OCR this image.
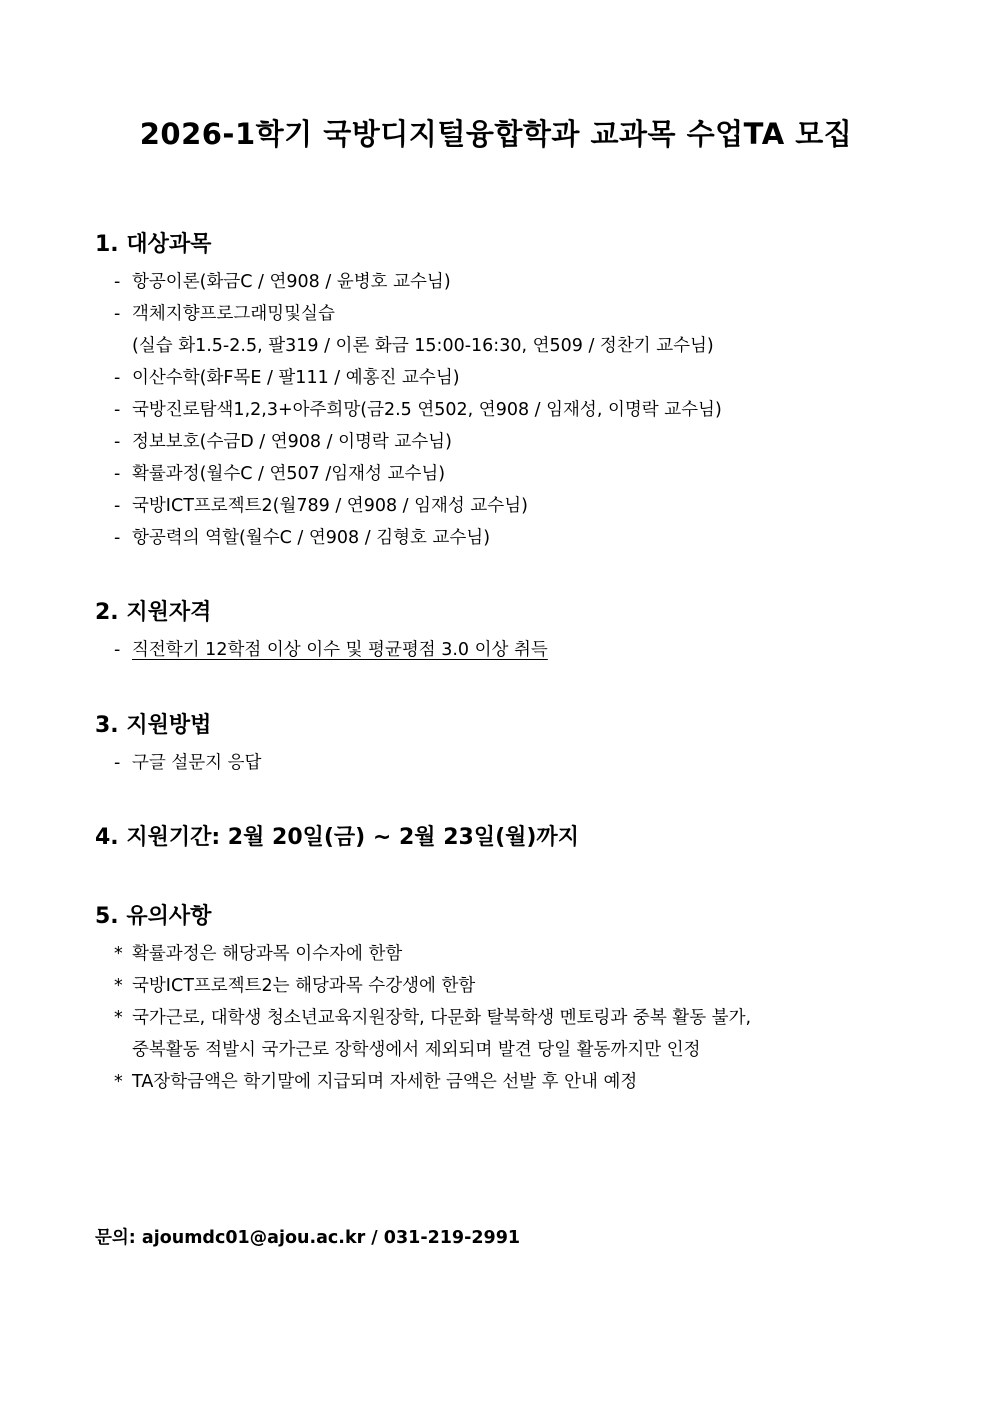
2026-1학기 국방디지털융합학과 교과목 수업TA 모집
1. 대상과목
- 항공이론(화금C / 연908 / 윤병호 교수님)
- 객체지향프로그래밍및실습
(실습 화1.5-2.5, 팔319 / 이론 화금 15:00-16:30, 연509 / 정찬기 교수님)
- 이산수학(화F목E / 팔111 / 예홍진 교수님)
- 국방진로탐색1,2,3+아주희망(금2.5 연502, 연908 / 임재성, 이명락 교수님)
- 정보보호(수금D / 연908 / 이명락 교수님)
- 확률과정(월수C / 연507 /임재성 교수님)
- 국방ICT프로젝트2(월789 / 연908 / 임재성 교수님)
- 항공력의 역할(월수C / 연908 / 김형호 교수님)
2. 지원자격
- 직전학기 12학점 이상 이수 및 평균평점 3.0 이상 취득
3. 지원방법
- 구글 설문지 응답
4. 지원기간: 2월 20일(금) ~ 2월 23일(월)까지
5. 유의사항
* 확률과정은 해당과목 이수자에 한함
* 국방ICT프로젝트2는 해당과목 수강생에 한함
* 국가근로, 대학생 청소년교육지원장학, 다문화 탈북학생 멘토링과 중복 활동 불가,
중복활동 적발시 국가근로 장학생에서 제외되며 발견 당일 활동까지만 인정
* TA장학금액은 학기말에 지급되며 자세한 금액은 선발 후 안내 예정
문의: ajoumdc01@ajou.ac.kr / 031-219-2991
